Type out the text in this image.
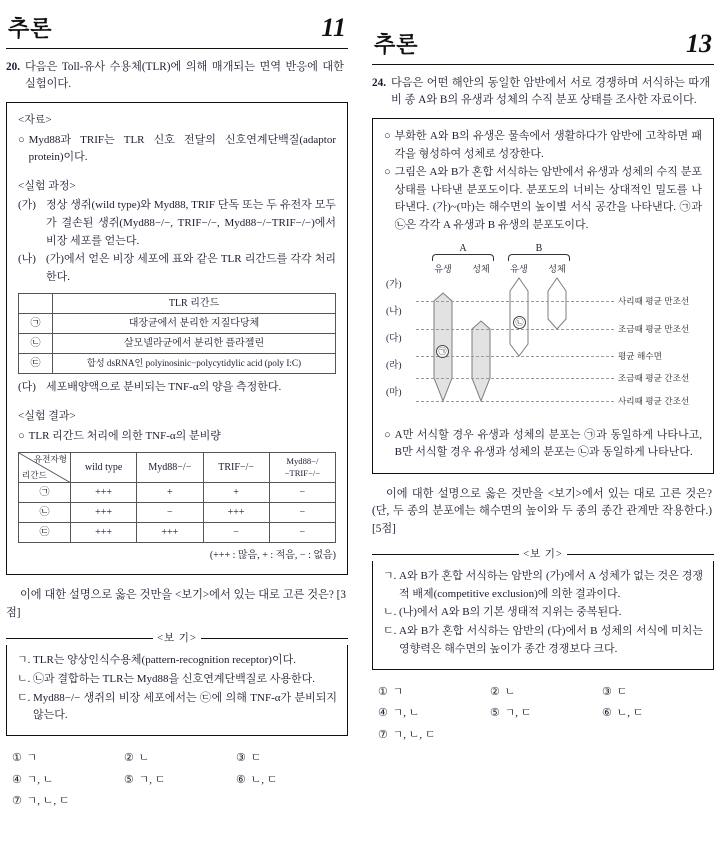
추론	11
20. 다음은 Toll-유사 수용체(TLR)에 의해 매개되는 면역 반응에 대한 실험이다.
<자료>
○ Myd88과 TRIF는 TLR 신호 전달의 신호연계단백질(adaptor protein)이다.
<실험 과정>
(가) 정상 생쥐(wild type)와 Myd88, TRIF 단독 또는 두 유전자 모두가 결손된 생쥐(Myd88−/−, TRIF−/−, Myd88−/−TRIF−/−)에서 비장 세포를 얻는다.
(나) (가)에서 얻은 비장 세포에 표와 같은 TLR 리간드를 각각 처리한다.
	TLR 리간드
㉠	대장균에서 분리한 지질다당체
㉡	살모넬라균에서 분리한 플라젤린
㉢	합성 dsRNA인 polyinosinic−polycytidylic acid (poly I:C)
(다) 세포배양액으로 분비되는 TNF-α의 양을 측정한다.
<실험 결과>
○ TLR 리간드 처리에 의한 TNF-α의 분비량
유전자형
리간드	wild type	Myd88−/−	TRIF−/−	Myd88−/−TRIF−/−
㉠	+++	+	+	−
㉡	+++	−	+++	−
㉢	+++	+++	−	−
(+++ : 많음, + : 적음, − : 없음)
이에 대한 설명으로 옳은 것만을 <보기>에서 있는 대로 고른 것은? [3점]
<보 기>
ㄱ. TLR는 양상인식수용체(pattern-recognition receptor)이다.
ㄴ. ㉡과 결합하는 TLR는 Myd88을 신호연계단백질로 사용한다.
ㄷ. Myd88−/− 생쥐의 비장 세포에서는 ㉢에 의해 TNF-α가 분비되지 않는다.
① ㄱ	② ㄴ	③ ㄷ
④ ㄱ, ㄴ	⑤ ㄱ, ㄷ	⑥ ㄴ, ㄷ
⑦ ㄱ, ㄴ, ㄷ
추론	13
24. 다음은 어떤 해안의 동일한 암반에서 서로 경쟁하며 서식하는 따개비 종 A와 B의 유생과 성체의 수직 분포 상태를 조사한 자료이다.
○ 부화한 A와 B의 유생은 물속에서 생활하다가 암반에 고착하면 패각을 형성하여 성체로 성장한다.
○ 그림은 A와 B가 혼합 서식하는 암반에서 유생과 성체의 수직 분포 상태를 나타낸 분포도이다. 분포도의 너비는 상대적인 밀도를 나타낸다. (가)~(마)는 해수면의 높이별 서식 공간을 나타낸다. ㉠과 ㉡은 각각 A 유생과 B 유생의 분포도이다.
A	B
유생	성체	유생	성체
(가)
(나)
(다)
(라)
(마)
사리때 평균 만조선
조금때 평균 만조선
평균 해수면
조금때 평균 간조선
사리때 평균 간조선
㉠
㉡
○ A만 서식할 경우 유생과 성체의 분포는 ㉠과 동일하게 나타나고, B만 서식할 경우 유생과 성체의 분포는 ㉡과 동일하게 나타난다.
이에 대한 설명으로 옳은 것만을 <보기>에서 있는 대로 고른 것은? (단, 두 종의 분포에는 해수면의 높이와 두 종의 종간 관계만 작용한다.) [5점]
<보 기>
ㄱ. A와 B가 혼합 서식하는 암반의 (가)에서 A 성체가 없는 것은 경쟁적 배제(competitive exclusion)에 의한 결과이다.
ㄴ. (나)에서 A와 B의 기본 생태적 지위는 중복된다.
ㄷ. A와 B가 혼합 서식하는 암반의 (다)에서 B 성체의 서식에 미치는 영향력은 해수면의 높이가 종간 경쟁보다 크다.
① ㄱ	② ㄴ	③ ㄷ
④ ㄱ, ㄴ	⑤ ㄱ, ㄷ	⑥ ㄴ, ㄷ
⑦ ㄱ, ㄴ, ㄷ
